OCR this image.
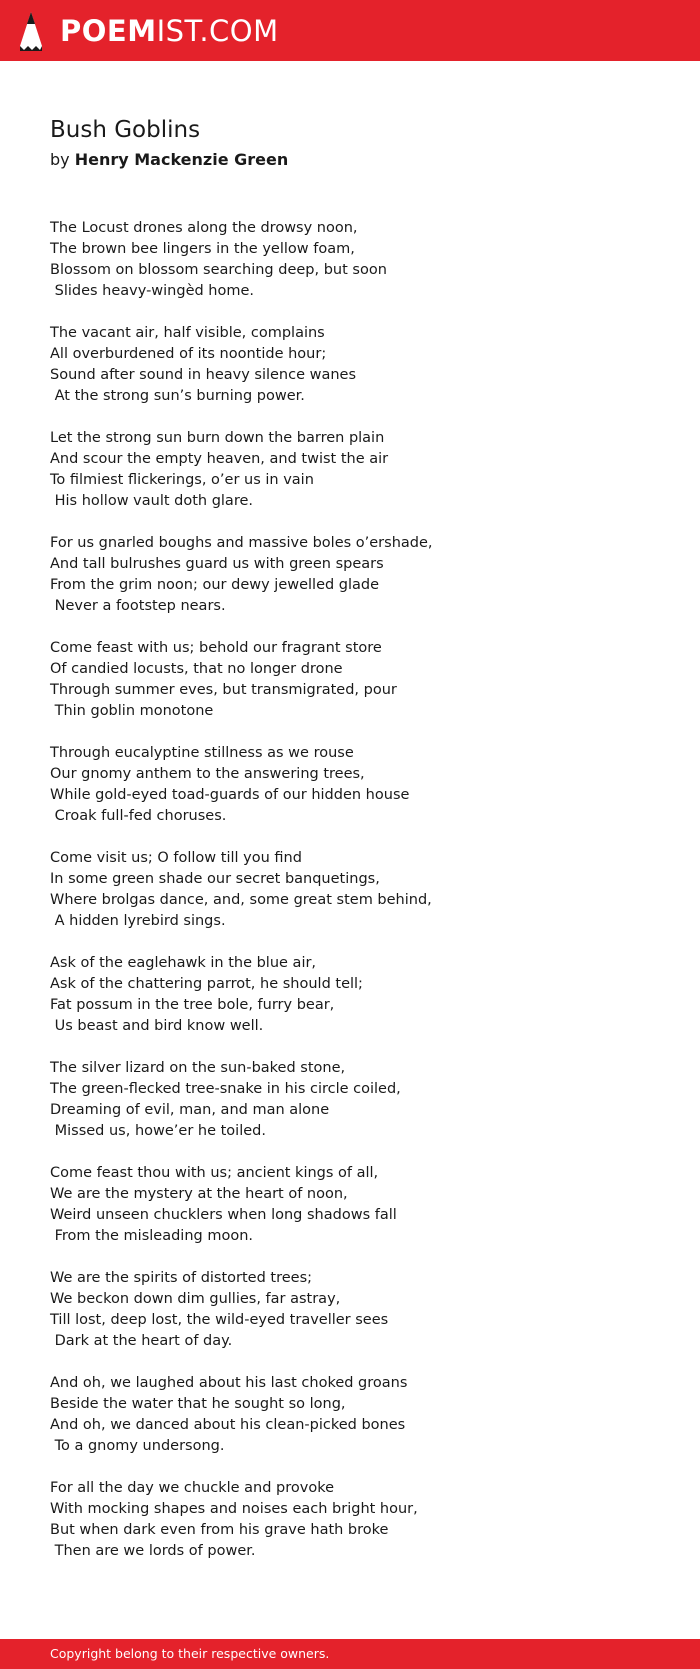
POEMIST.COM
Bush Goblins
by Henry Mackenzie Green
The Locust drones along the drowsy noon,
The brown bee lingers in the yellow foam,
Blossom on blossom searching deep, but soon
Slides heavy-wingèd home.
The vacant air, half visible, complains
All overburdened of its noontide hour;
Sound after sound in heavy silence wanes
At the strong sun’s burning power.
Let the strong sun burn down the barren plain
And scour the empty heaven, and twist the air
To filmiest flickerings, o’er us in vain
His hollow vault doth glare.
For us gnarled boughs and massive boles o’ershade,
And tall bulrushes guard us with green spears
From the grim noon; our dewy jewelled glade
Never a footstep nears.
Come feast with us; behold our fragrant store
Of candied locusts, that no longer drone
Through summer eves, but transmigrated, pour
Thin goblin monotone
Through eucalyptine stillness as we rouse
Our gnomy anthem to the answering trees,
While gold-eyed toad-guards of our hidden house
Croak full-fed choruses.
Come visit us; O follow till you find
In some green shade our secret banquetings,
Where brolgas dance, and, some great stem behind,
A hidden lyrebird sings.
Ask of the eaglehawk in the blue air,
Ask of the chattering parrot, he should tell;
Fat possum in the tree bole, furry bear,
Us beast and bird know well.
The silver lizard on the sun-baked stone,
The green-flecked tree-snake in his circle coiled,
Dreaming of evil, man, and man alone
Missed us, howe’er he toiled.
Come feast thou with us; ancient kings of all,
We are the mystery at the heart of noon,
Weird unseen chucklers when long shadows fall
From the misleading moon.
We are the spirits of distorted trees;
We beckon down dim gullies, far astray,
Till lost, deep lost, the wild-eyed traveller sees
Dark at the heart of day.
And oh, we laughed about his last choked groans
Beside the water that he sought so long,
And oh, we danced about his clean-picked bones
To a gnomy undersong.
For all the day we chuckle and provoke
With mocking shapes and noises each bright hour,
But when dark even from his grave hath broke
Then are we lords of power.
Copyright belong to their respective owners.
